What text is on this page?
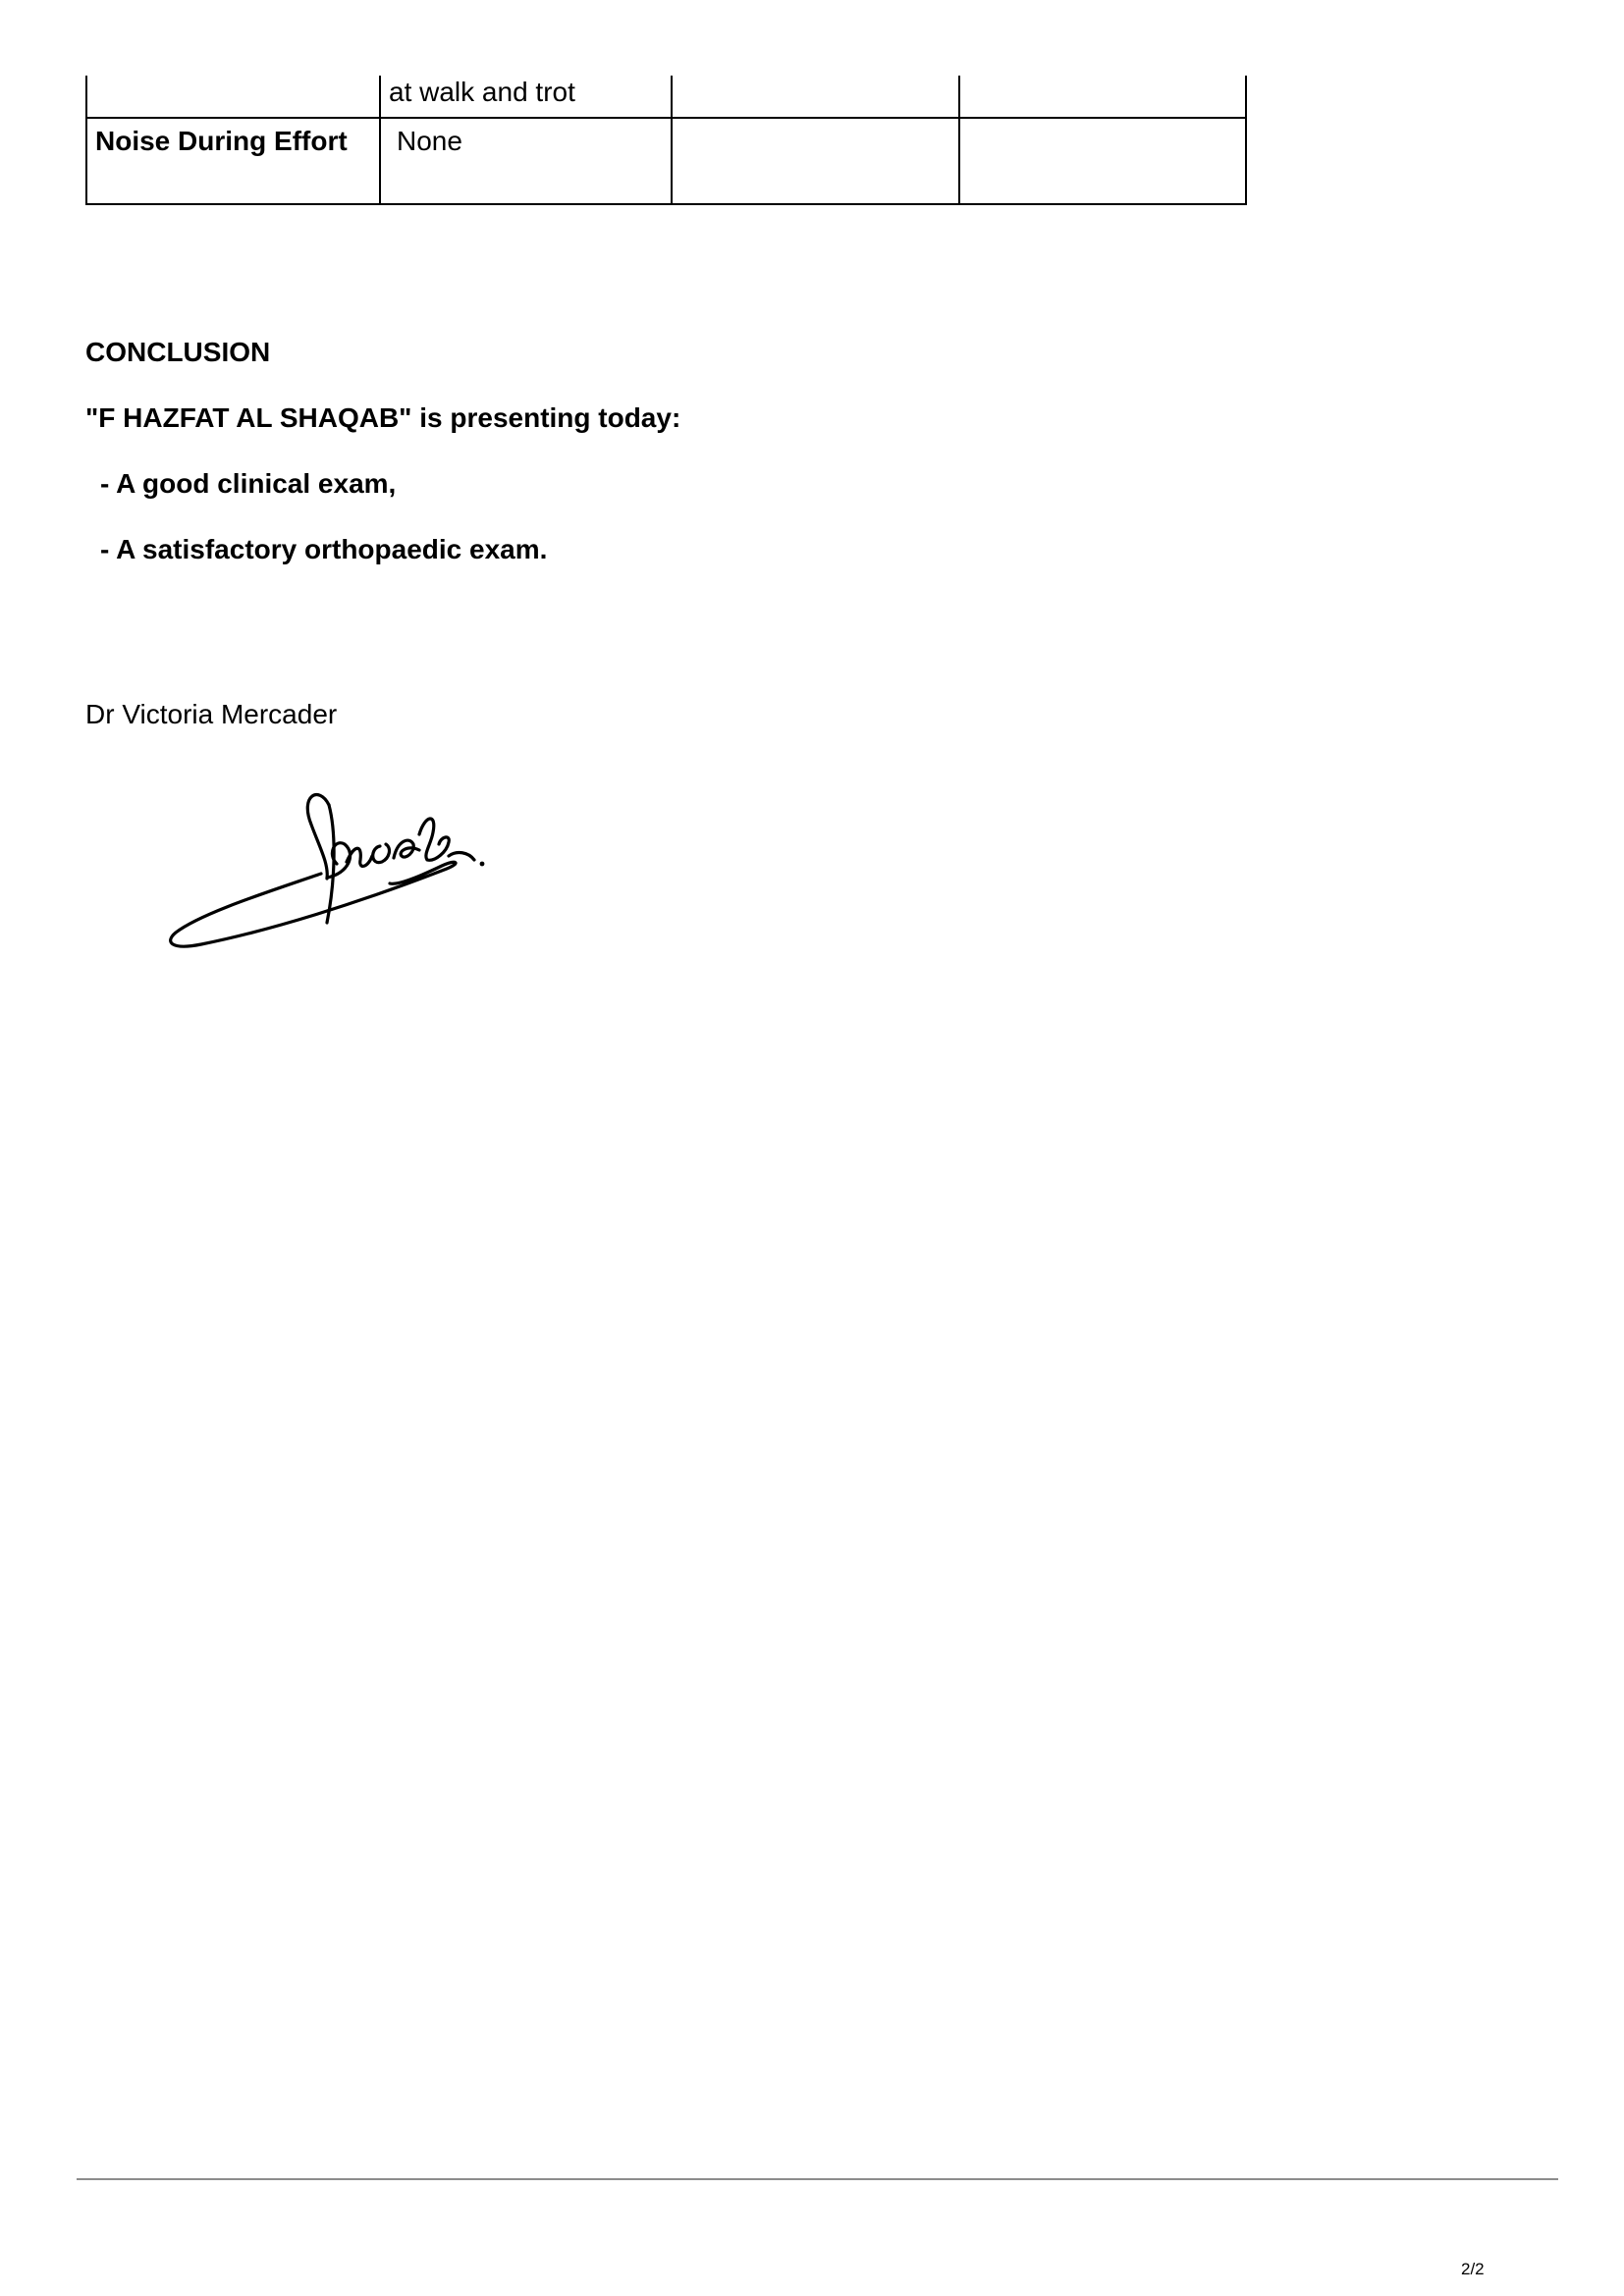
	at walk and trot		
Noise During Effort	None		

CONCLUSION

"F HAZFAT AL SHAQAB" is presenting today:

- A good clinical exam,

- A satisfactory orthopaedic exam.

Dr Victoria Mercader

2/2
